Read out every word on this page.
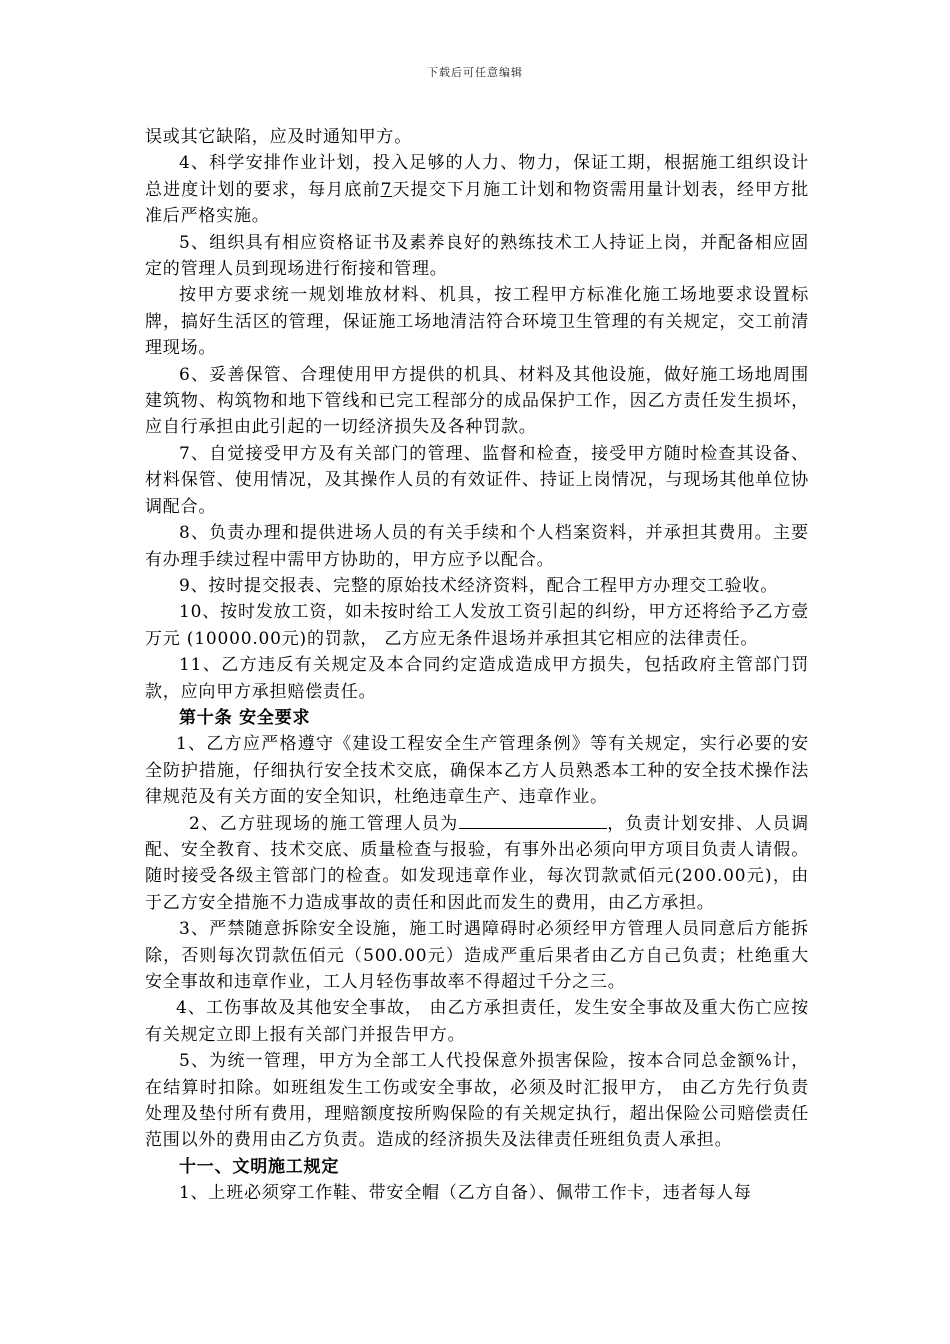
下载后可任意编辑

误或其它缺陷，应及时通知甲方。

4、科学安排作业计划，投入足够的人力、物力，保证工期，根据施工组织设计总进度计划的要求，每月底前7天提交下月施工计划和物资需用量计划表，经甲方批准后严格实施。

5、组织具有相应资格证书及素养良好的熟练技术工人持证上岗，并配备相应固定的管理人员到现场进行衔接和管理。

按甲方要求统一规划堆放材料、机具，按工程甲方标准化施工场地要求设置标牌，搞好生活区的管理，保证施工场地清洁符合环境卫生管理的有关规定，交工前清理现场。

6、妥善保管、合理使用甲方提供的机具、材料及其他设施，做好施工场地周围建筑物、构筑物和地下管线和已完工程部分的成品保护工作，因乙方责任发生损坏，应自行承担由此引起的一切经济损失及各种罚款。

7、自觉接受甲方及有关部门的管理、监督和检查，接受甲方随时检查其设备、材料保管、使用情况，及其操作人员的有效证件、持证上岗情况，与现场其他单位协调配合。

8、负责办理和提供进场人员的有关手续和个人档案资料，并承担其费用。主要有办理手续过程中需甲方协助的，甲方应予以配合。

9、按时提交报表、完整的原始技术经济资料，配合工程甲方办理交工验收。

10、按时发放工资，如未按时给工人发放工资引起的纠纷，甲方还将给予乙方壹万元 (10000.00元)的罚款， 乙方应无条件退场并承担其它相应的法律责任。

11、乙方违反有关规定及本合同约定造成造成甲方损失，包括政府主管部门罚款，应向甲方承担赔偿责任。

第十条 安全要求

1、乙方应严格遵守《建设工程安全生产管理条例》等有关规定，实行必要的安全防护措施，仔细执行安全技术交底，确保本乙方人员熟悉本工种的安全技术操作法律规范及有关方面的安全知识，杜绝违章生产、违章作业。

2、乙方驻现场的施工管理人员为	，负责计划安排、人员调配、安全教育、技术交底、质量检查与报验，有事外出必须向甲方项目负责人请假。随时接受各级主管部门的检查。如发现违章作业，每次罚款贰佰元(200.00元)，由于乙方安全措施不力造成事故的责任和因此而发生的费用，由乙方承担。

3、严禁随意拆除安全设施，施工时遇障碍时必须经甲方管理人员同意后方能拆除，否则每次罚款伍佰元（500.00元）造成严重后果者由乙方自己负责；杜绝重大安全事故和违章作业，工人月轻伤事故率不得超过千分之三。

4、工伤事故及其他安全事故， 由乙方承担责任，发生安全事故及重大伤亡应按有关规定立即上报有关部门并报告甲方。

5、为统一管理，甲方为全部工人代投保意外损害保险，按本合同总金额%计，在结算时扣除。如班组发生工伤或安全事故，必须及时汇报甲方， 由乙方先行负责处理及垫付所有费用，理赔额度按所购保险的有关规定执行，超出保险公司赔偿责任范围以外的费用由乙方负责。造成的经济损失及法律责任班组负责人承担。

十一、文明施工规定

1、上班必须穿工作鞋、带安全帽（乙方自备）、佩带工作卡，违者每人每
